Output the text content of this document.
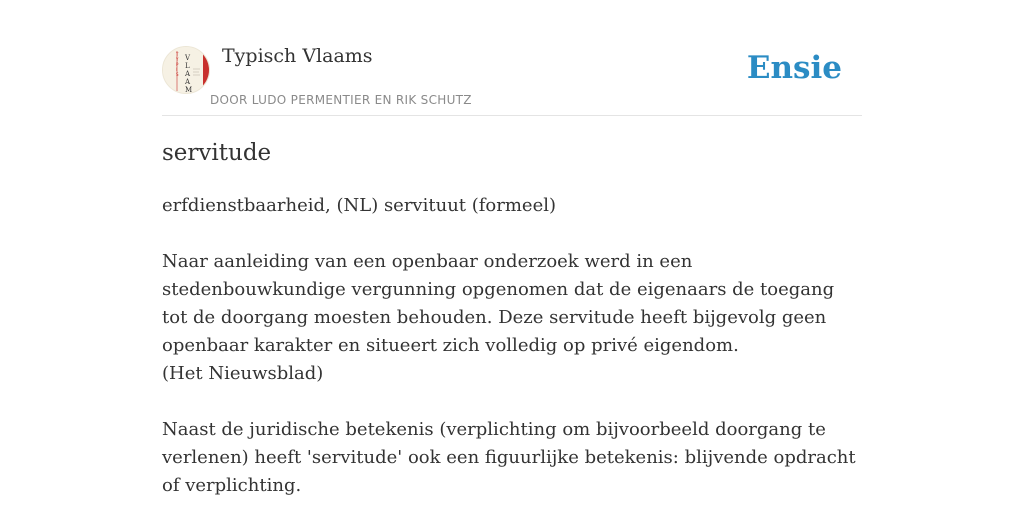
T
Y
P
I
S
V
L
A
A
M
Typisch Vlaams
DOOR LUDO PERMENTIER EN RIK SCHUTZ
Ensie
servitude

erfdienstbaarheid, (NL) servituut (formeel)

Naar aanleiding van een openbaar onderzoek werd in een stedenbouwkundige vergunning opgenomen dat de eigenaars de toegang tot de doorgang moesten behouden. Deze servitude heeft bijgevolg geen openbaar karakter en situeert zich volledig op privé eigendom.
(Het Nieuwsblad)

Naast de juridische betekenis (verplichting om bijvoorbeeld doorgang te verlenen) heeft 'servitude' ook een figuurlijke betekenis: blijvende opdracht of verplichting.
